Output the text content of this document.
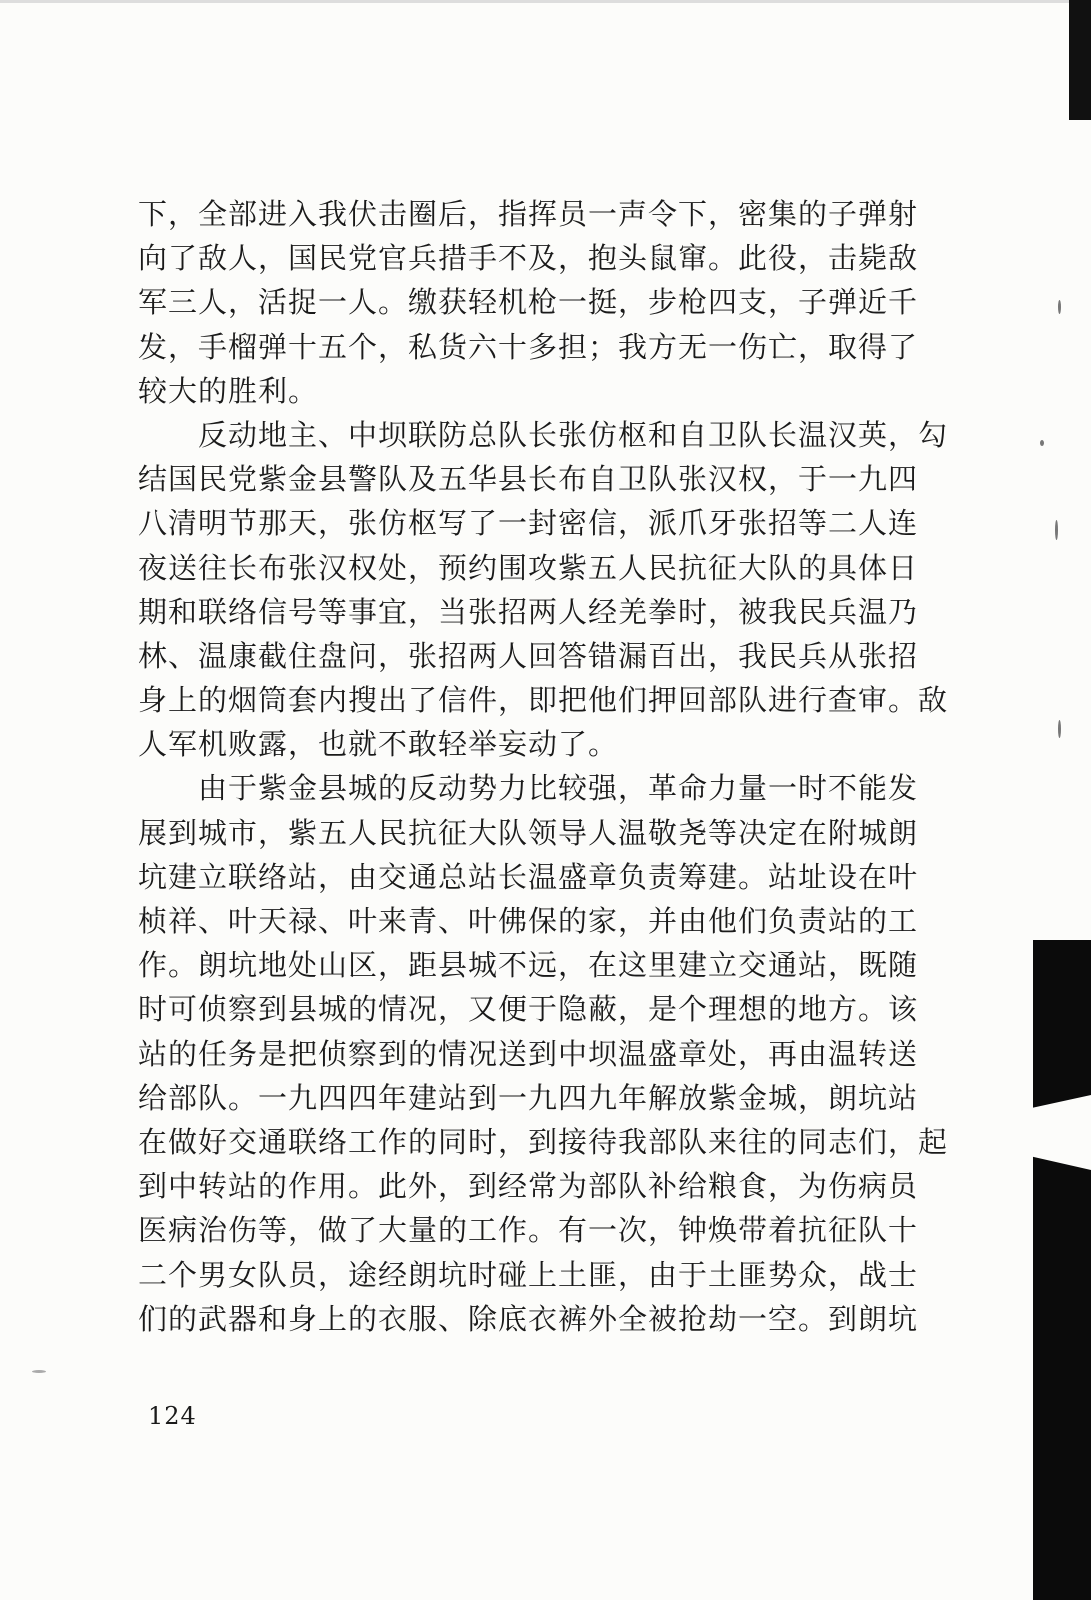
下，全部进入我伏击圈后，指挥员一声令下，密集的子弹射
向了敌人，国民党官兵措手不及，抱头鼠窜。此役，击毙敌
军三人，活捉一人。缴获轻机枪一挺，步枪四支，子弹近千
发，手榴弹十五个，私货六十多担；我方无一伤亡，取得了
较大的胜利。
　　反动地主、中坝联防总队长张仿枢和自卫队长温汉英，勾
结国民党紫金县警队及五华县长布自卫队张汉权，于一九四
八清明节那天，张仿枢写了一封密信，派爪牙张招等二人连
夜送往长布张汉权处，预约围攻紫五人民抗征大队的具体日
期和联络信号等事宜，当张招两人经羌拳时，被我民兵温乃
林、温康截住盘问，张招两人回答错漏百出，我民兵从张招
身上的烟筒套内搜出了信件，即把他们押回部队进行查审。敌
人军机败露，也就不敢轻举妄动了。
　　由于紫金县城的反动势力比较强，革命力量一时不能发
展到城市，紫五人民抗征大队领导人温敬尧等决定在附城朗
坑建立联络站，由交通总站长温盛章负责筹建。站址设在叶
桢祥、叶天禄、叶来青、叶佛保的家，并由他们负责站的工
作。朗坑地处山区，距县城不远，在这里建立交通站，既随
时可侦察到县城的情况，又便于隐蔽，是个理想的地方。该
站的任务是把侦察到的情况送到中坝温盛章处，再由温转送
给部队。一九四四年建站到一九四九年解放紫金城，朗坑站
在做好交通联络工作的同时，到接待我部队来往的同志们，起
到中转站的作用。此外，到经常为部队补给粮食，为伤病员
医病治伤等，做了大量的工作。有一次，钟焕带着抗征队十
二个男女队员，途经朗坑时碰上土匪，由于土匪势众，战士
们的武器和身上的衣服、除底衣裤外全被抢劫一空。到朗坑
124
